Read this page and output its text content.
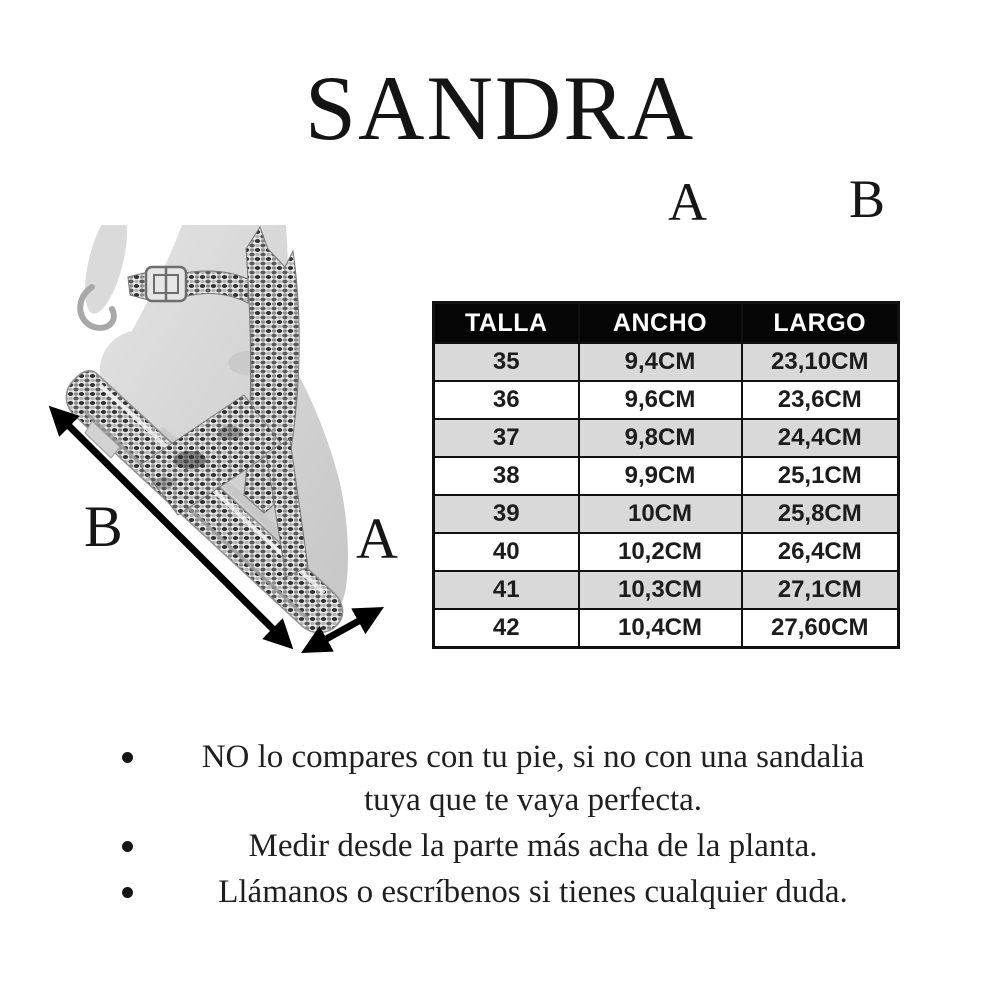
SANDRA
A	B
B	A
TALLA	ANCHO	LARGO
35	9,4CM	23,10CM
36	9,6CM	23,6CM
37	9,8CM	24,4CM
38	9,9CM	25,1CM
39	10CM	25,8CM
40	10,2CM	26,4CM
41	10,3CM	27,1CM
42	10,4CM	27,60CM
NO lo compares con tu pie, si no con una sandalia
tuya que te vaya perfecta.
Medir desde la parte más acha de la planta.
Llámanos o escríbenos si tienes cualquier duda.
